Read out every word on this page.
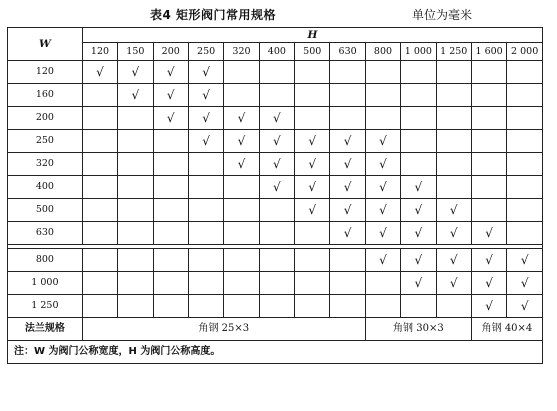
表4 矩形阀门常用规格	单位为毫米
W	H												
	120	150	200	250	320	400	500	630	800	1 000	1 250	1 600	2 000
120	√	√	√	√									
160		√	√	√									
200			√	√	√	√							
250				√	√	√	√	√	√				
320					√	√	√	√	√				
400						√	√	√	√	√			
500							√	√	√	√	√		
630								√	√	√	√	√	

800									√	√	√	√	√
1 000										√	√	√	√
1 250												√	√
法兰规格	角钢 25×3								角钢 30×3			角钢 40×4	
注：W 为阀门公称宽度，H 为阀门公称高度。													
